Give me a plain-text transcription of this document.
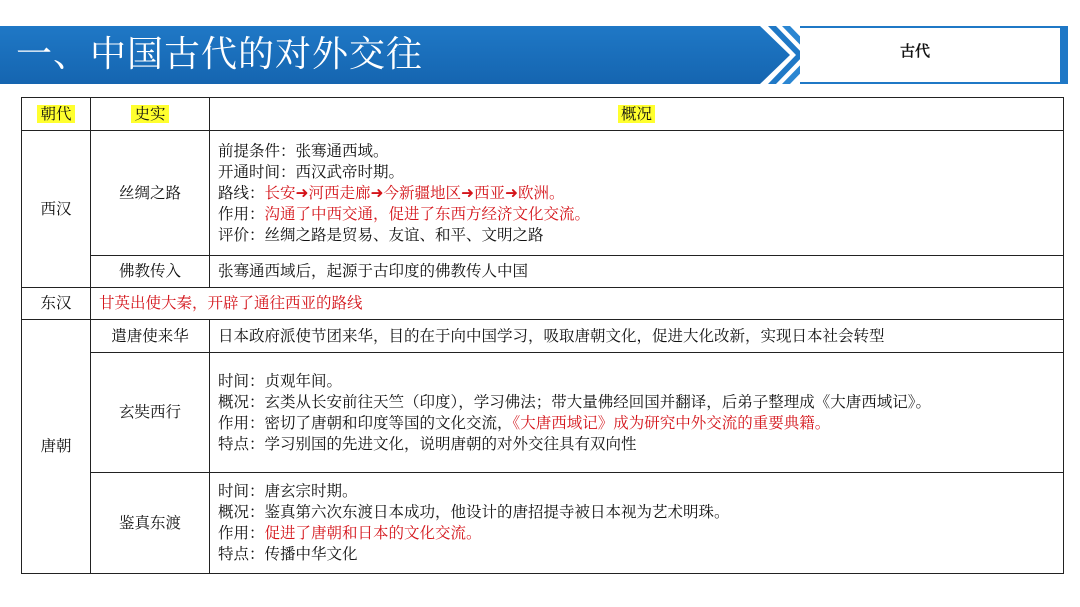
一、中国古代的对外交往	古代
朝代	史实	概况
西汉	丝绸之路	前提条件：张骞通西域。
开通时间：西汉武帝时期。
路线：长安➜河西走廊➜今新疆地区➜西亚➜欧洲。
作用：沟通了中西交通，促进了东西方经济文化交流。
评价：丝绸之路是贸易、友谊、和平、文明之路

	佛教传入	张骞通西域后，起源于古印度的佛教传人中国
东汉	甘英出使大秦，开辟了通往西亚的路线	
唐朝	遣唐使来华	日本政府派使节团来华，目的在于向中国学习，吸取唐朝文化，促进大化改新，实现日本社会转型

	玄奘西行	时间：贞观年间。
概况：玄类从长安前往天竺（印度），学习佛法；带大量佛经回国并翻译，后弟子整理成《大唐西域记》。
作用：密切了唐朝和印度等国的文化交流，《大唐西域记》成为研究中外交流的重要典籍。
特点：学习别国的先进文化，说明唐朝的对外交往具有双向性

	鉴真东渡	时间：唐玄宗时期。
概况：鉴真第六次东渡日本成功，他设计的唐招提寺被日本视为艺术明珠。
作用：促进了唐朝和日本的文化交流。
特点：传播中华文化
